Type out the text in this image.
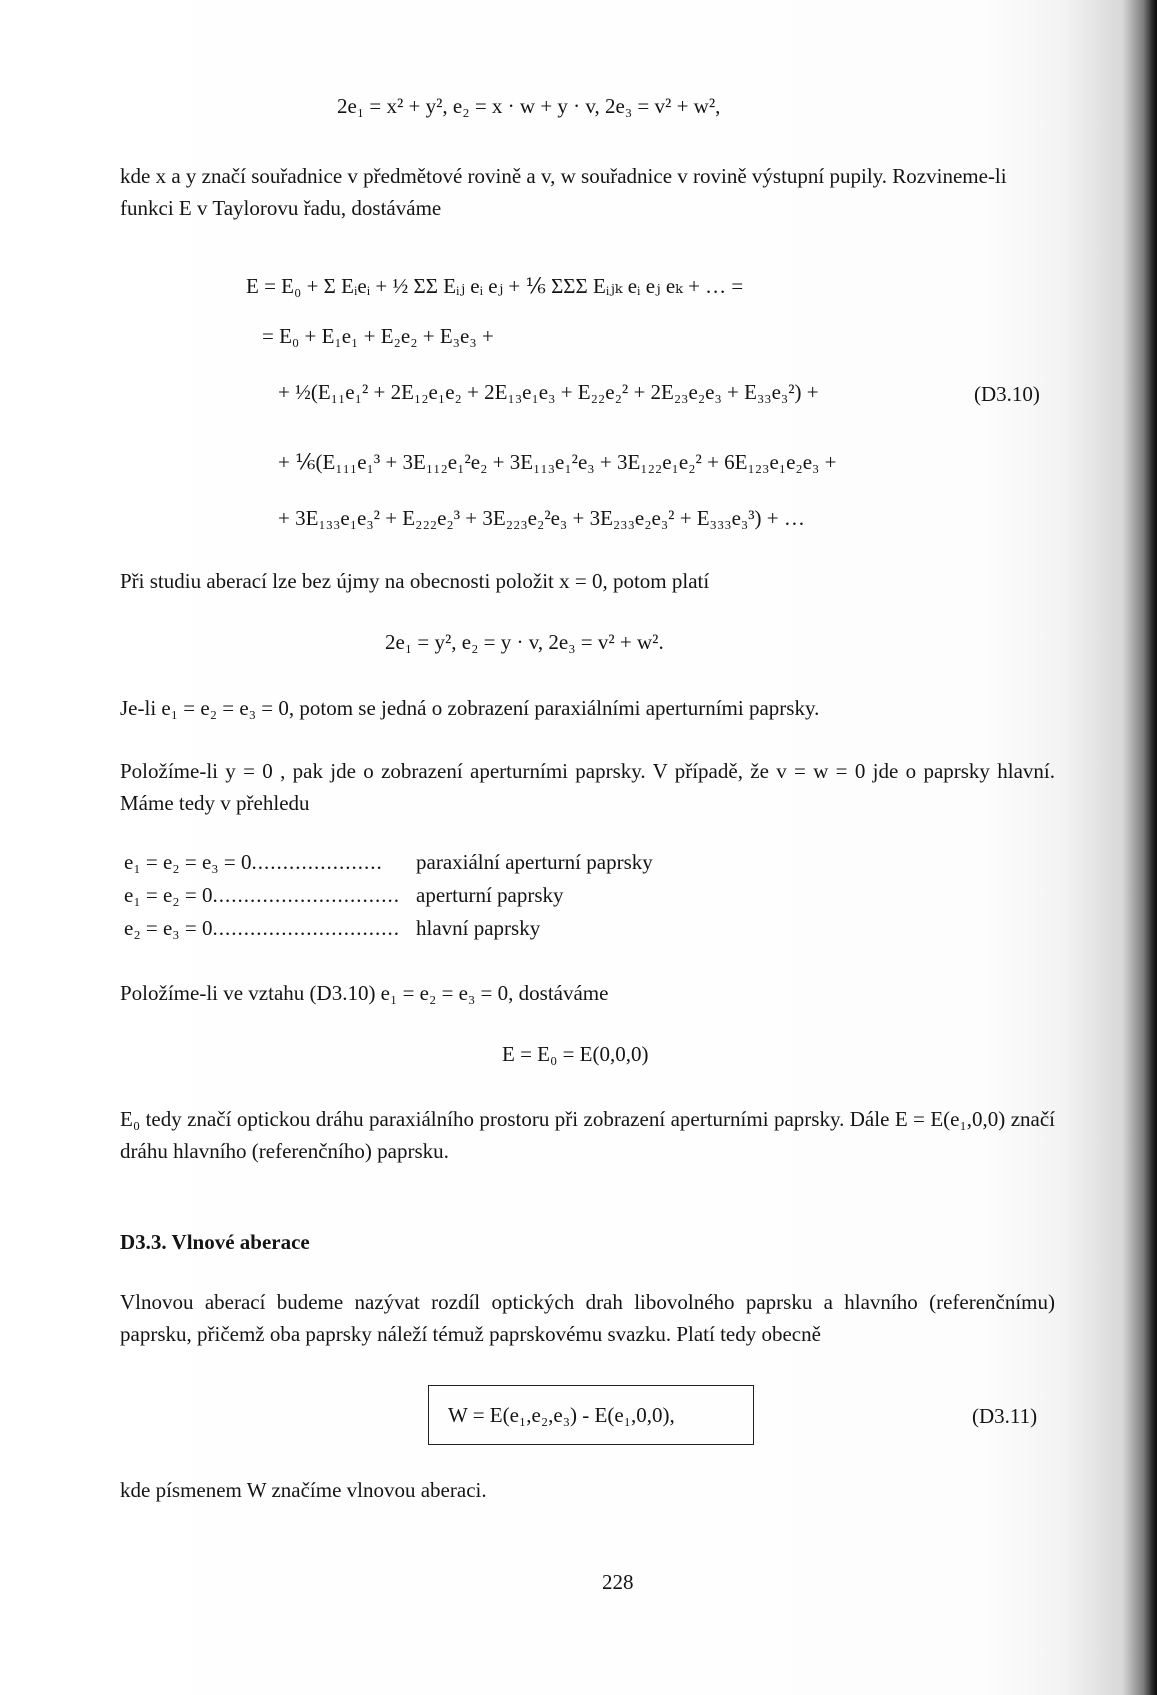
2e₁ = x² + y², e₂ = x · w + y · v, 2e₃ = v² + w²,
kde x a y značí souřadnice v předmětové rovině a v, w souřadnice v rovině výstupní pupily. Rozvineme-li funkci E v Taylorovu řadu, dostáváme
E = E₀ + Σ Eᵢeᵢ + ½ ΣΣ Eᵢⱼ eᵢ eⱼ + ⅙ ΣΣΣ Eᵢⱼₖ eᵢ eⱼ eₖ + … =
= E₀ + E₁e₁ + E₂e₂ + E₃e₃ +
+ ½(E₁₁e₁² + 2E₁₂e₁e₂ + 2E₁₃e₁e₃ + E₂₂e₂² + 2E₂₃e₂e₃ + E₃₃e₃²) +	(D3.10)
+ ⅙(E₁₁₁e₁³ + 3E₁₁₂e₁²e₂ + 3E₁₁₃e₁²e₃ + 3E₁₂₂e₁e₂² + 6E₁₂₃e₁e₂e₃ +
+ 3E₁₃₃e₁e₃² + E₂₂₂e₂³ + 3E₂₂₃e₂²e₃ + 3E₂₃₃e₂e₃² + E₃₃₃e₃³) + …
Při studiu aberací lze bez újmy na obecnosti položit x = 0, potom platí
2e₁ = y², e₂ = y · v, 2e₃ = v² + w².
Je-li e₁ = e₂ = e₃ = 0, potom se jedná o zobrazení paraxiálními aperturními paprsky.
Položíme-li y = 0 , pak jde o zobrazení aperturními paprsky. V případě, že v = w = 0 jde o paprsky hlavní. Máme tedy v přehledu
e₁ = e₂ = e₃ = 0..................... paraxiální aperturní paprsky
e₁ = e₂ = 0.............................. aperturní paprsky
e₂ = e₃ = 0.............................. hlavní paprsky
Položíme-li ve vztahu (D3.10) e₁ = e₂ = e₃ = 0, dostáváme
E = E₀ = E(0,0,0)
E₀ tedy značí optickou dráhu paraxiálního prostoru při zobrazení aperturními paprsky. Dále E = E(e₁,0,0) značí dráhu hlavního (referenčního) paprsku.
D3.3. Vlnové aberace
Vlnovou aberací budeme nazývat rozdíl optických drah libovolného paprsku a hlavního (referenčnímu) paprsku, přičemž oba paprsky náleží témuž paprskovému svazku. Platí tedy obecně
W = E(e₁,e₂,e₃) - E(e₁,0,0),	(D3.11)
kde písmenem W značíme vlnovou aberaci.
228
